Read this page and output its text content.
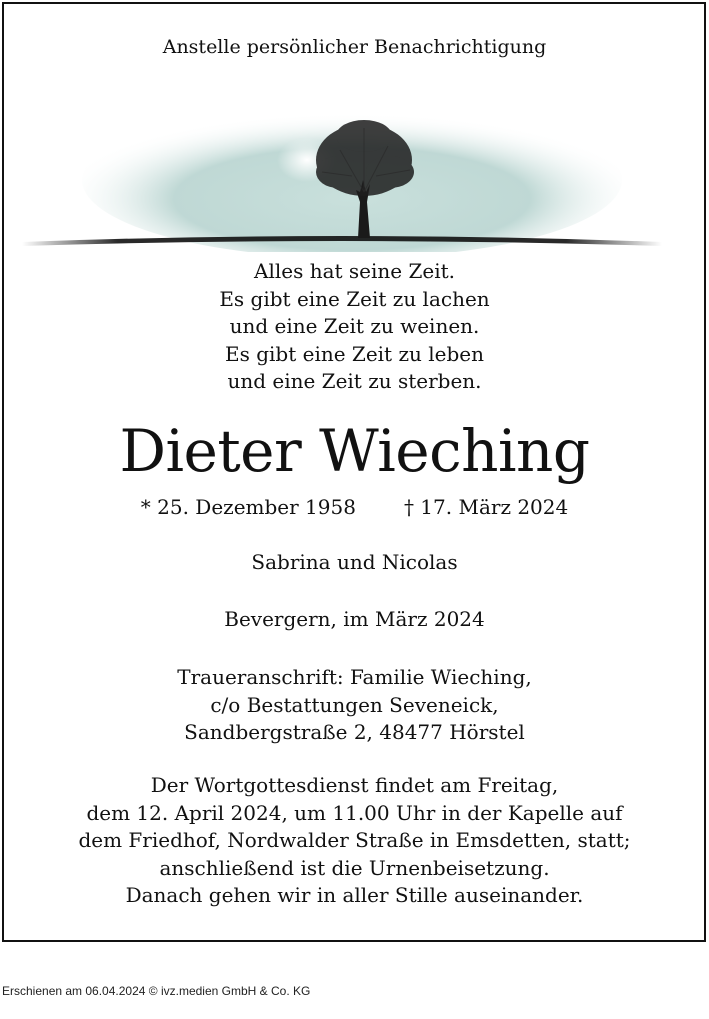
Anstelle persönlicher Benachrichtigung
Alles hat seine Zeit.
Es gibt eine Zeit zu lachen
und eine Zeit zu weinen.
Es gibt eine Zeit zu leben
und eine Zeit zu sterben.
Dieter Wieching
* 25. Dezember 1958 † 17. März 2024
Sabrina und Nicolas
Bevergern, im März 2024
Traueranschrift: Familie Wieching,
c/o Bestattungen Seveneick,
Sandbergstraße 2, 48477 Hörstel
Der Wortgottesdienst findet am Freitag,
dem 12. April 2024, um 11.00 Uhr in der Kapelle auf
dem Friedhof, Nordwalder Straße in Emsdetten, statt;
anschließend ist die Urnenbeisetzung.
Danach gehen wir in aller Stille auseinander.
Erschienen am 06.04.2024 © ivz.medien GmbH & Co. KG
